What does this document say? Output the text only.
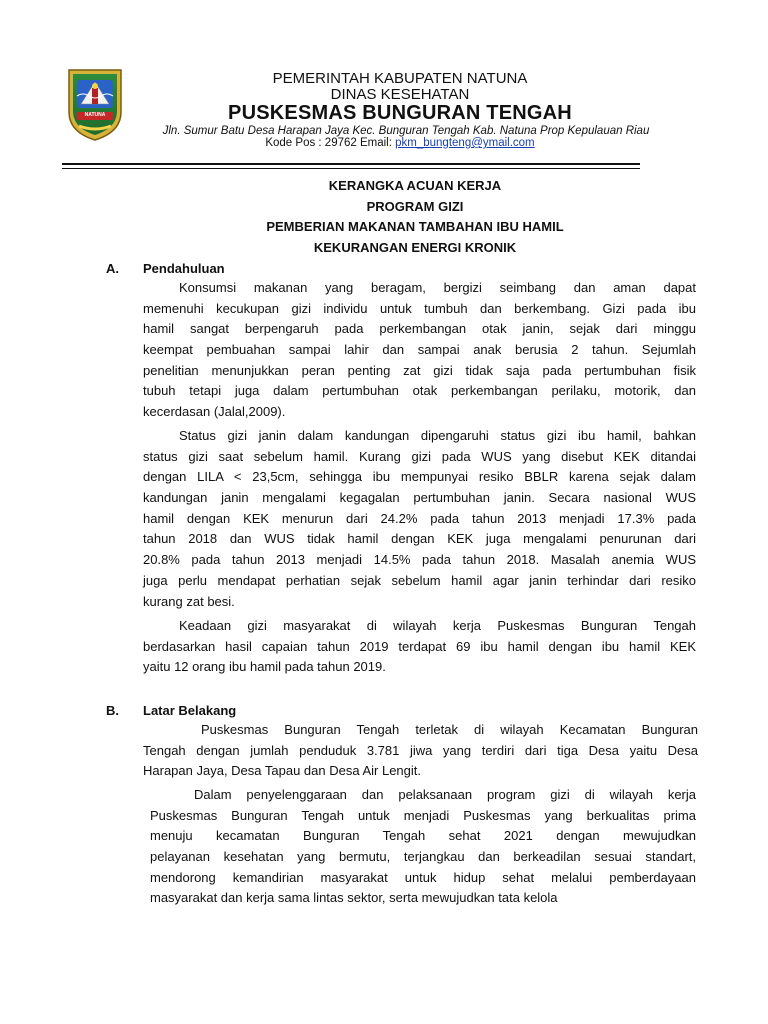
NATUNA
PEMERINTAH KABUPATEN NATUNA
DINAS KESEHATAN
PUSKESMAS BUNGURAN TENGAH
Jln. Sumur Batu Desa Harapan Jaya Kec. Bunguran Tengah Kab. Natuna Prop Kepulauan Riau
Kode Pos : 29762 Email: pkm_bungteng@ymail.com
KERANGKA ACUAN KERJA
PROGRAM GIZI
PEMBERIAN MAKANAN TAMBAHAN IBU HAMIL
KEKURANGAN ENERGI KRONIK
A. Pendahuluan
Konsumsi makanan yang beragam, bergizi seimbang dan aman dapat
memenuhi kecukupan gizi individu untuk tumbuh dan berkembang. Gizi pada ibu
hamil sangat berpengaruh pada perkembangan otak janin, sejak dari minggu
keempat pembuahan sampai lahir dan sampai anak berusia 2 tahun. Sejumlah
penelitian menunjukkan peran penting zat gizi tidak saja pada pertumbuhan fisik
tubuh tetapi juga dalam pertumbuhan otak perkembangan perilaku, motorik, dan
kecerdasan (Jalal,2009).
Status gizi janin dalam kandungan dipengaruhi status gizi ibu hamil, bahkan
status gizi saat sebelum hamil. Kurang gizi pada WUS yang disebut KEK ditandai
dengan LILA < 23,5cm, sehingga ibu mempunyai resiko BBLR karena sejak dalam
kandungan janin mengalami kegagalan pertumbuhan janin. Secara nasional WUS
hamil dengan KEK menurun dari 24.2% pada tahun 2013 menjadi 17.3% pada
tahun 2018 dan WUS tidak hamil dengan KEK juga mengalami penurunan dari
20.8% pada tahun 2013 menjadi 14.5% pada tahun 2018. Masalah anemia WUS
juga perlu mendapat perhatian sejak sebelum hamil agar janin terhindar dari resiko
kurang zat besi.
Keadaan gizi masyarakat di wilayah kerja Puskesmas Bunguran Tengah
berdasarkan hasil capaian tahun 2019 terdapat 69 ibu hamil dengan ibu hamil KEK
yaitu 12 orang ibu hamil pada tahun 2019.
B. Latar Belakang
Puskesmas Bunguran Tengah terletak di wilayah Kecamatan Bunguran
Tengah dengan jumlah penduduk 3.781 jiwa yang terdiri dari tiga Desa yaitu Desa
Harapan Jaya, Desa Tapau dan Desa Air Lengit.
Dalam penyelenggaraan dan pelaksanaan program gizi di wilayah kerja
Puskesmas Bunguran Tengah untuk menjadi Puskesmas yang berkualitas prima
menuju kecamatan Bunguran Tengah sehat 2021 dengan mewujudkan
pelayanan kesehatan yang bermutu, terjangkau dan berkeadilan sesuai standart,
mendorong kemandirian masyarakat untuk hidup sehat melalui pemberdayaan
masyarakat dan kerja sama lintas sektor, serta mewujudkan tata kelola
